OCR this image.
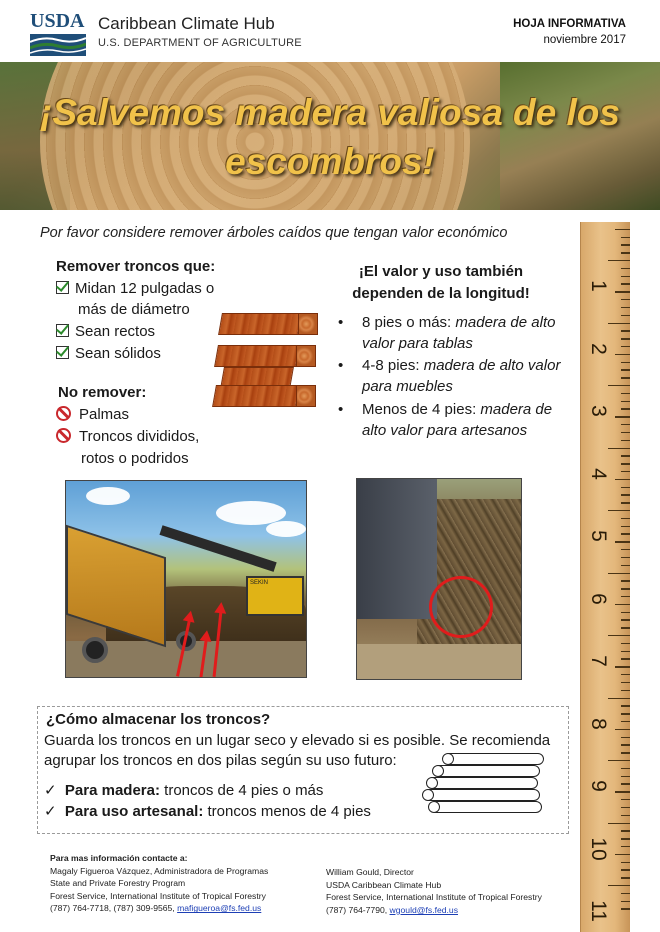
USDA Caribbean Climate Hub
U.S. DEPARTMENT OF AGRICULTURE
HOJA INFORMATIVA
noviembre 2017
¡Salvemos madera valiosa de los
escombros!
1
2
3
4
5
6
7
8
9
10
11
Por favor considere remover árboles caídos que tengan valor económico
Remover troncos que:
Midan 12 pulgadas o
más de diámetro
Sean rectos
Sean sólidos
No remover:
Palmas
Troncos divididos,
rotos o podridos
¡El valor y uso también
dependen de la longitud!
•	8 pies o más: madera de alto valor para tablas
•	4-8 pies: madera de alto valor para muebles
•	Menos de 4 pies: madera de alto valor para artesanos
SEKIN
¿Cómo almacenar los troncos?
Guarda los troncos en un lugar seco y elevado si es posible. Se recomienda agrupar los troncos en dos pilas según su uso futuro:
✓ Para madera: troncos de 4 pies o más
✓ Para uso artesanal: troncos menos de 4 pies
Para mas información contacte a:
Magaly Figueroa Vázquez, Administradora de Programas
State and Private Forestry Program
Forest Service, International Institute of Tropical Forestry
(787) 764-7718, (787) 309-9565, mafigueroa@fs.fed.us
William Gould, Director
USDA Caribbean Climate Hub
Forest Service, International Institute of Tropical Forestry
(787) 764-7790, wgould@fs.fed.us
